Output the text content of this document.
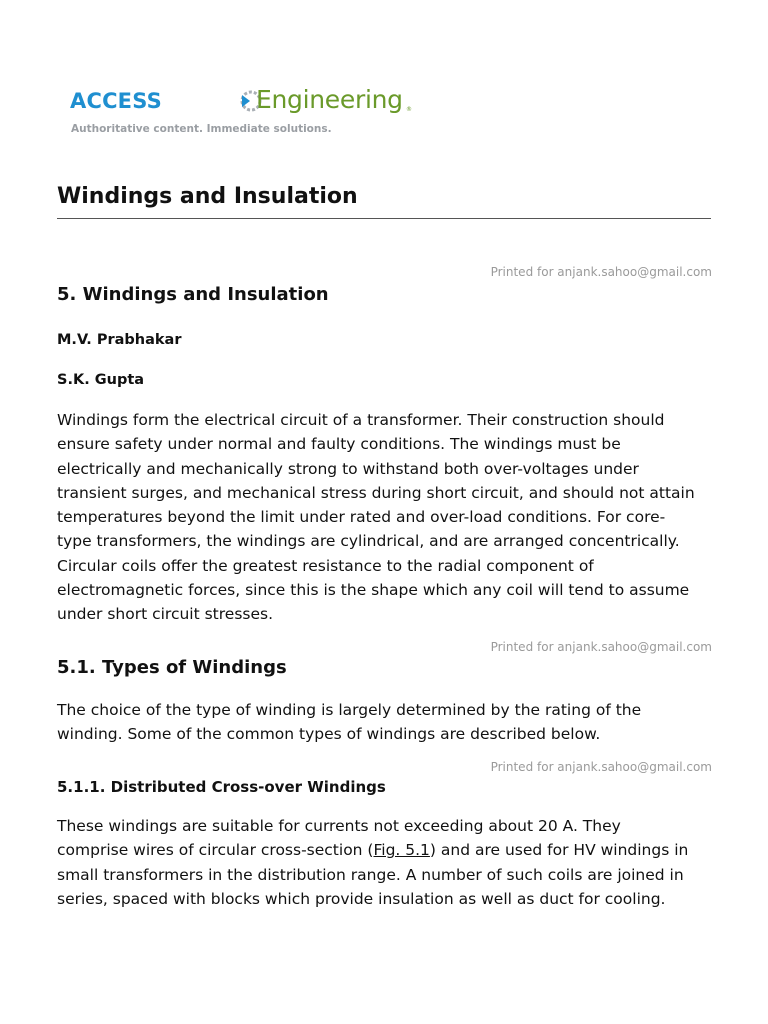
ACCESS	Engineering ®
Authoritative content. Immediate solutions.
Windings and Insulation
Printed for anjank.sahoo@gmail.com
5. Windings and Insulation
M.V. Prabhakar
S.K. Gupta
Windings form the electrical circuit of a transformer. Their construction should
ensure safety under normal and faulty conditions. The windings must be
electrically and mechanically strong to withstand both over-voltages under
transient surges, and mechanical stress during short circuit, and should not attain
temperatures beyond the limit under rated and over-load conditions. For core-
type transformers, the windings are cylindrical, and are arranged concentrically.
Circular coils offer the greatest resistance to the radial component of
electromagnetic forces, since this is the shape which any coil will tend to assume
under short circuit stresses.
Printed for anjank.sahoo@gmail.com
5.1. Types of Windings
The choice of the type of winding is largely determined by the rating of the
winding. Some of the common types of windings are described below.
Printed for anjank.sahoo@gmail.com
5.1.1. Distributed Cross-over Windings
These windings are suitable for currents not exceeding about 20 A. They
comprise wires of circular cross-section (Fig. 5.1) and are used for HV windings in
small transformers in the distribution range. A number of such coils are joined in
series, spaced with blocks which provide insulation as well as duct for cooling.
